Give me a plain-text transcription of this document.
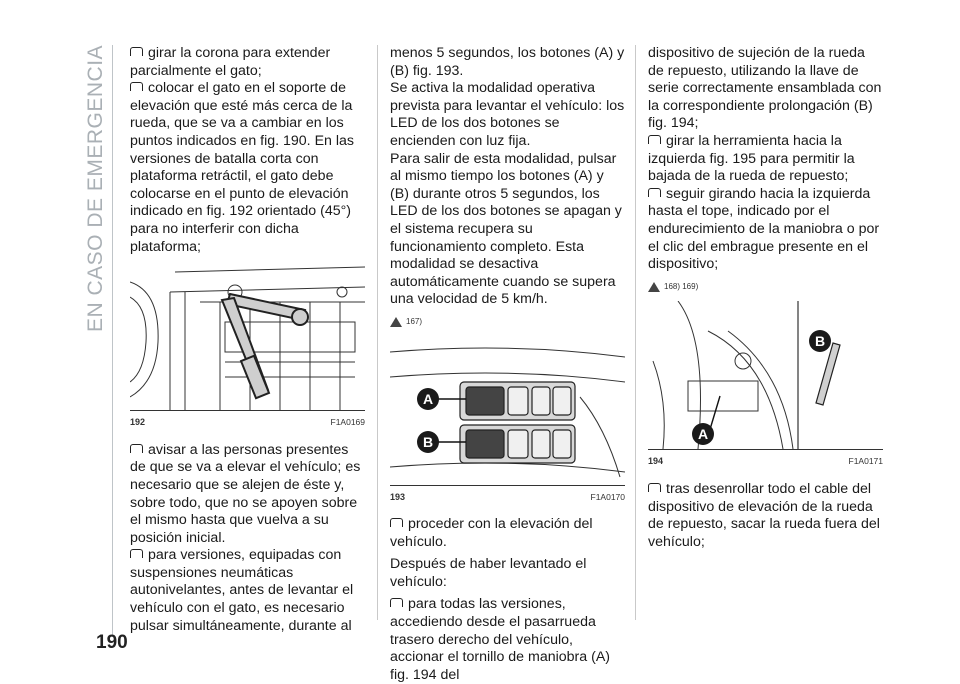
EN CASO DE EMERGENCIA
190

girar la corona para extender parcialmente el gato;

colocar el gato en el soporte de elevación que esté más cerca de la rueda, que se va a cambiar en los puntos indicados en fig. 190. En las versiones de batalla corta con plataforma retráctil, el gato debe colocarse en el punto de elevación indicado en fig. 192 orientado (45°) para no interferir con dicha plataforma;

192	F1A0169

avisar a las personas presentes de que se va a elevar el vehículo; es necesario que se alejen de éste y, sobre todo, que no se apoyen sobre el mismo hasta que vuelva a su posición inicial.

para versiones, equipadas con suspensiones neumáticas autonivelantes, antes de levantar el vehículo con el gato, es necesario pulsar simultáneamente, durante al

menos 5 segundos, los botones (A) y (B) fig. 193.

Se activa la modalidad operativa prevista para levantar el vehículo: los LED de los dos botones se encienden con luz fija.

Para salir de esta modalidad, pulsar al mismo tiempo los botones (A) y (B) durante otros 5 segundos, los LED de los dos botones se apagan y el sistema recupera su funcionamiento completo. Esta modalidad se desactiva automáticamente cuando se supera una velocidad de 5 km/h.

167)
A
B
193	F1A0170

proceder con la elevación del vehículo.

Después de haber levantado el vehículo:

para todas las versiones, accediendo desde el pasarrueda trasero derecho del vehículo, accionar el tornillo de maniobra (A) fig. 194 del

dispositivo de sujeción de la rueda de repuesto, utilizando la llave de serie correctamente ensamblada con la correspondiente prolongación (B) fig. 194;

girar la herramienta hacia la izquierda fig. 195 para permitir la bajada de la rueda de repuesto;

seguir girando hacia la izquierda hasta el tope, indicado por el endurecimiento de la maniobra o por el clic del embrague presente en el dispositivo;

168) 169)
B
A
194	F1A0171

tras desenrollar todo el cable del dispositivo de elevación de la rueda de repuesto, sacar la rueda fuera del vehículo;
